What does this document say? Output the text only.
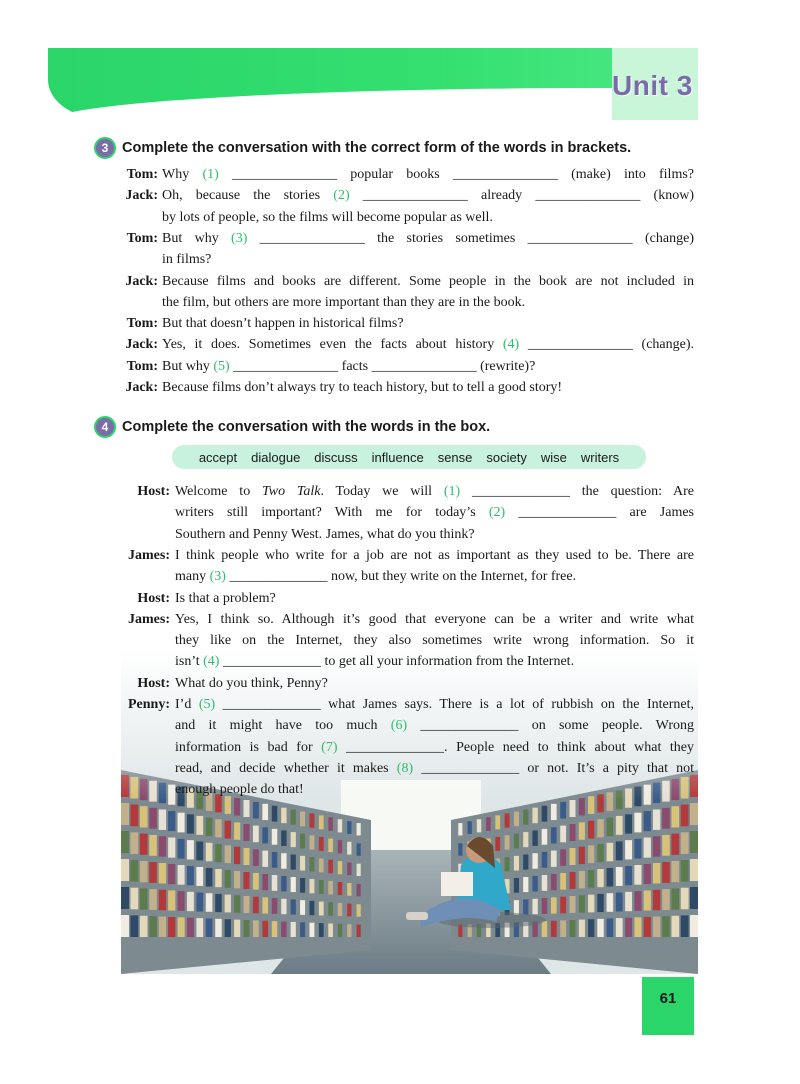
Unit 3
3 Complete the conversation with the correct form of the words in brackets.
Tom: Why (1) _______________ popular books _______________ (make) into films?
Jack: Oh, because the stories (2) _______________ already _______________ (know)
by lots of people, so the films will become popular as well.
Tom: But why (3) _______________ the stories sometimes _______________ (change)
in films?
Jack: Because films and books are different. Some people in the book are not included in
the film, but others are more important than they are in the book.
Tom: But that doesn’t happen in historical films?
Jack: Yes, it does. Sometimes even the facts about history (4) _______________ (change).
Tom: But why (5) _______________ facts _______________ (rewrite)?
Jack: Because films don’t always try to teach history, but to tell a good story!
4 Complete the conversation with the words in the box.
accept dialogue discuss influence sense society wise writers
61
Host: Welcome to Two Talk. Today we will (1) ______________ the question: Are
writers still important? With me for today’s (2) ______________ are James
Southern and Penny West. James, what do you think?
James: I think people who write for a job are not as important as they used to be. There are
many (3) ______________ now, but they write on the Internet, for free.
Host: Is that a problem?
James: Yes, I think so. Although it’s good that everyone can be a writer and write what
they like on the Internet, they also sometimes write wrong information. So it
isn’t (4) ______________ to get all your information from the Internet.
Host: What do you think, Penny?
Penny: I’d (5) ______________ what James says. There is a lot of rubbish on the Internet,
and it might have too much (6) ______________ on some people. Wrong
information is bad for (7) ______________. People need to think about what they
read, and decide whether it makes (8) ______________ or not. It’s a pity that not
enough people do that!
